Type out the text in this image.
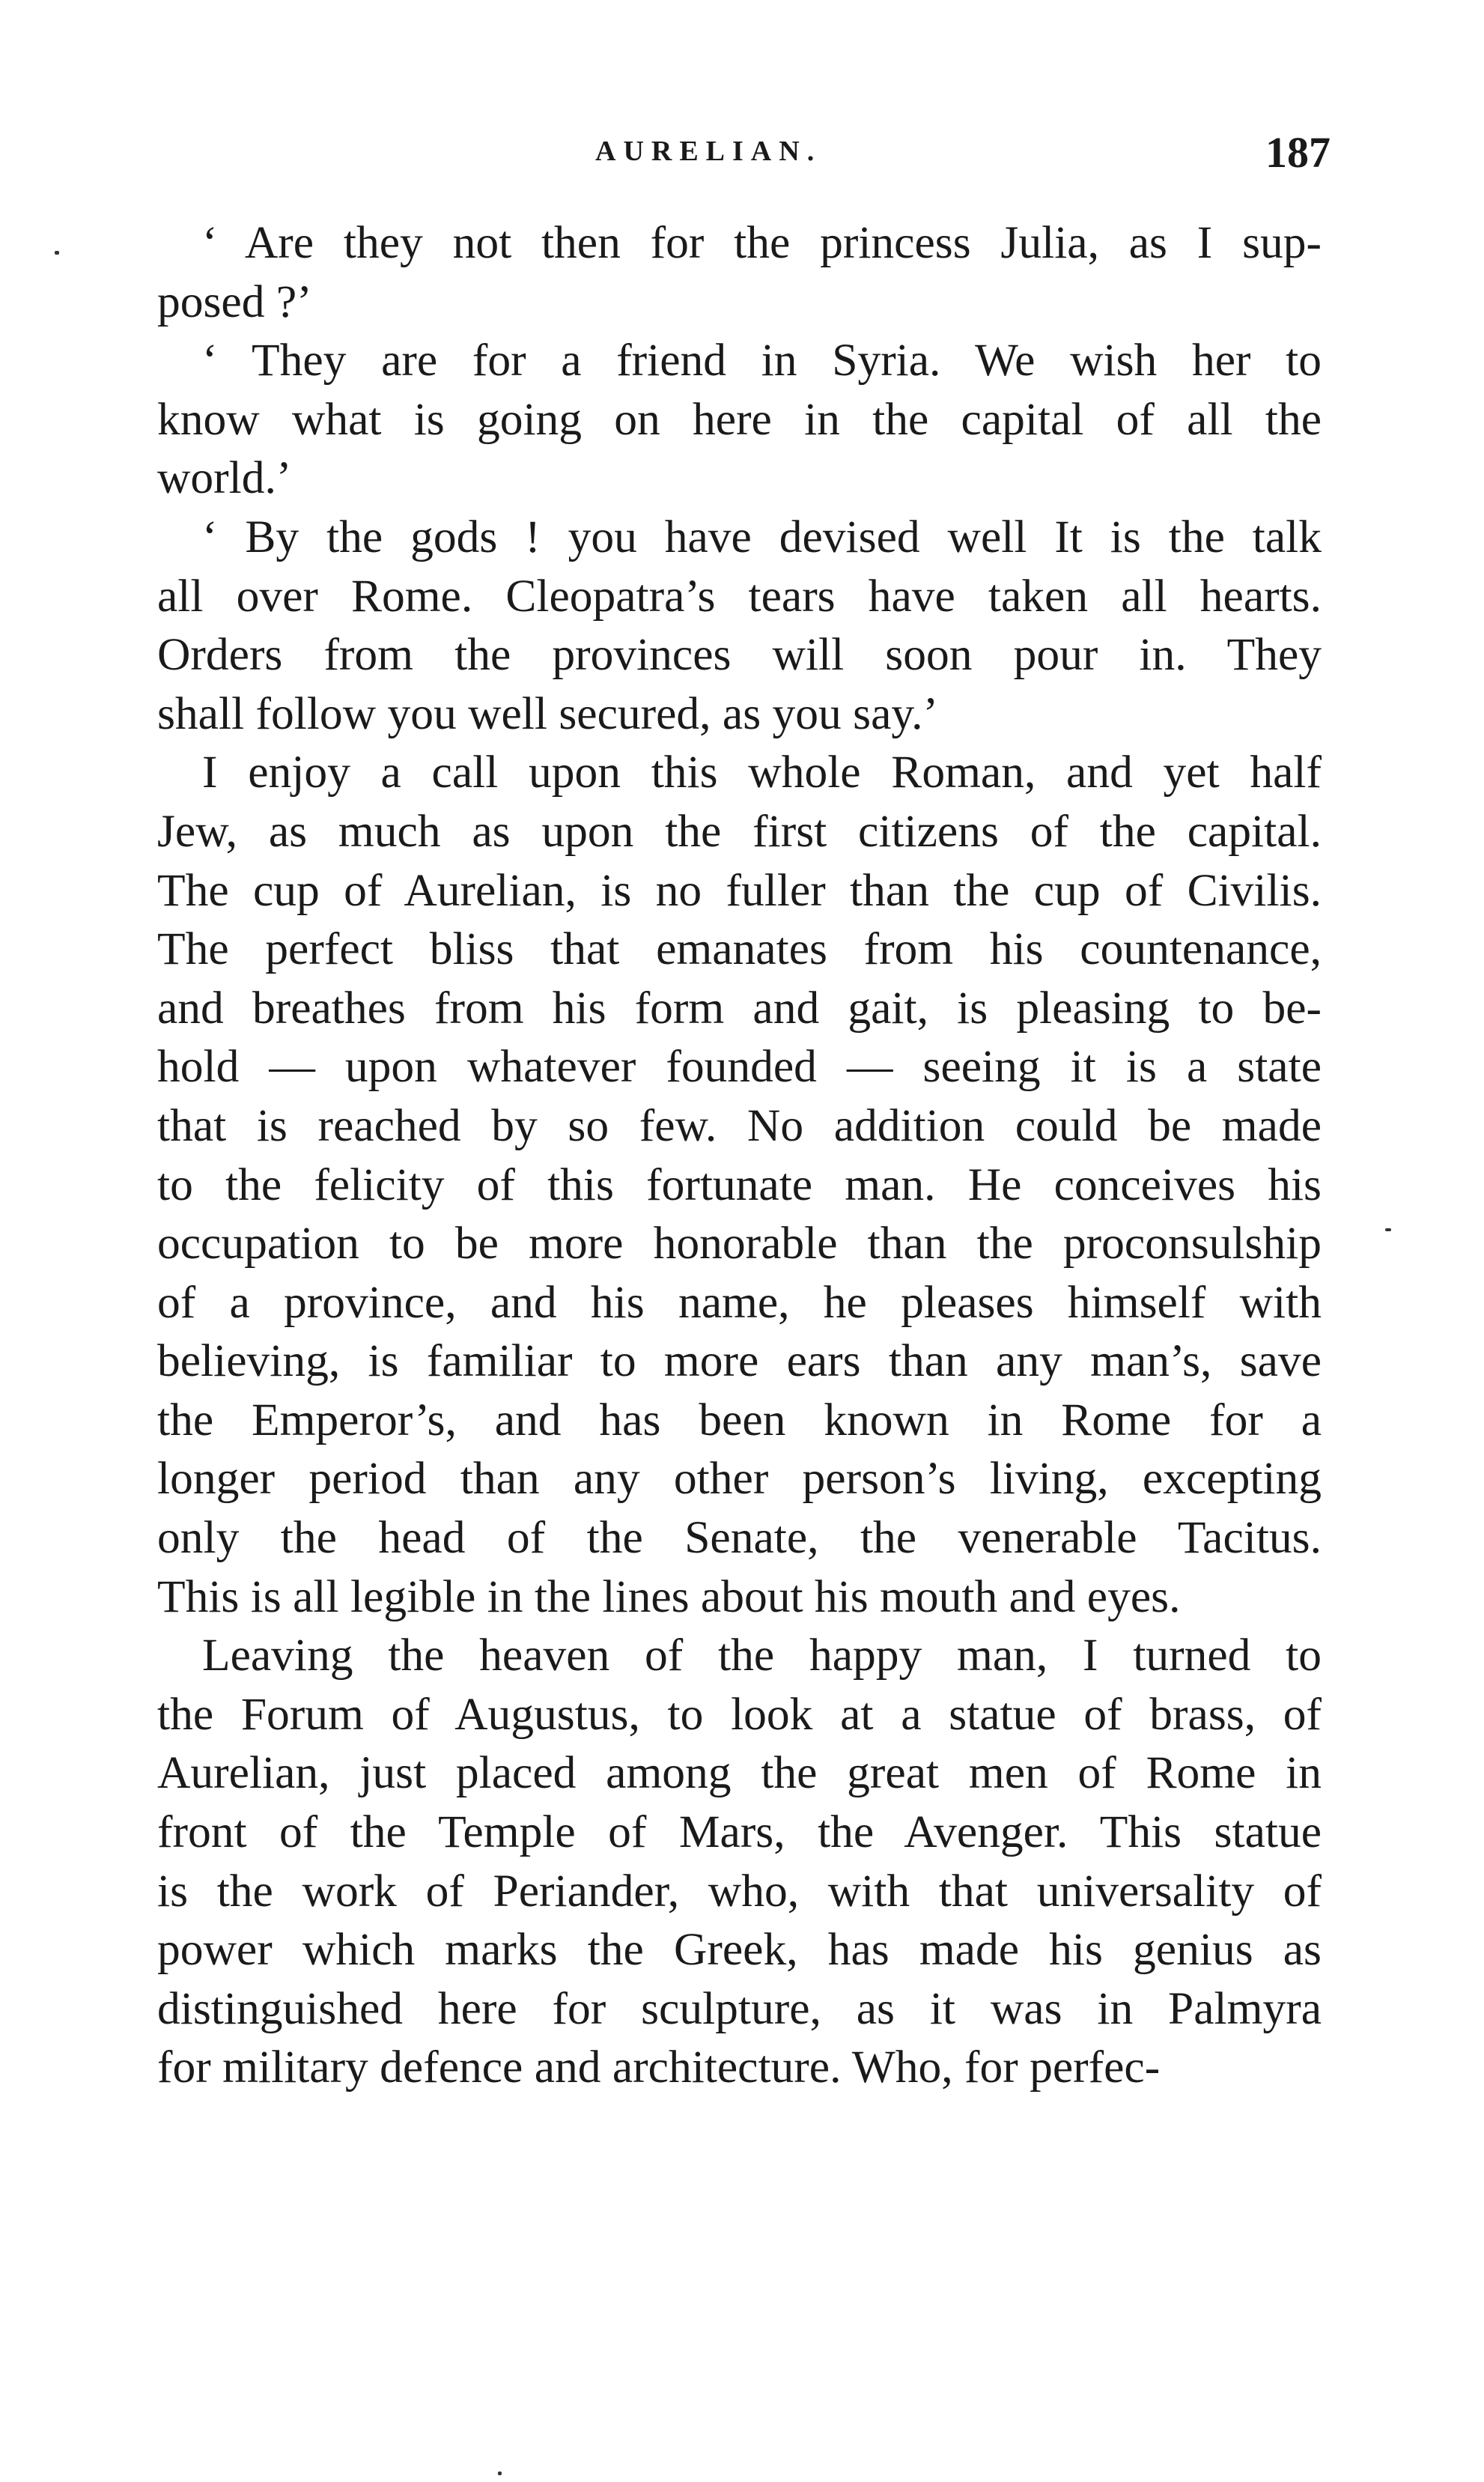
AURELIAN.	187
‘ Are they not then for the princess Julia, as I sup-
posed ?’
‘ They are for a friend in Syria. We wish her to
know what is going on here in the capital of all the
world.’
‘ By the gods ! you have devised well It is the talk
all over Rome. Cleopatra’s tears have taken all hearts.
Orders from the provinces will soon pour in. They
shall follow you well secured, as you say.’
I enjoy a call upon this whole Roman, and yet half
Jew, as much as upon the first citizens of the capital.
The cup of Aurelian, is no fuller than the cup of Civilis.
The perfect bliss that emanates from his countenance,
and breathes from his form and gait, is pleasing to be-
hold — upon whatever founded — seeing it is a state
that is reached by so few. No addition could be made
to the felicity of this fortunate man. He conceives his
occupation to be more honorable than the proconsulship
of a province, and his name, he pleases himself with
believing, is familiar to more ears than any man’s, save
the Emperor’s, and has been known in Rome for a
longer period than any other person’s living, excepting
only the head of the Senate, the venerable Tacitus.
This is all legible in the lines about his mouth and eyes.
Leaving the heaven of the happy man, I turned to
the Forum of Augustus, to look at a statue of brass, of
Aurelian, just placed among the great men of Rome in
front of the Temple of Mars, the Avenger. This statue
is the work of Periander, who, with that universality of
power which marks the Greek, has made his genius as
distinguished here for sculpture, as it was in Palmyra
for military defence and architecture. Who, for perfec-
